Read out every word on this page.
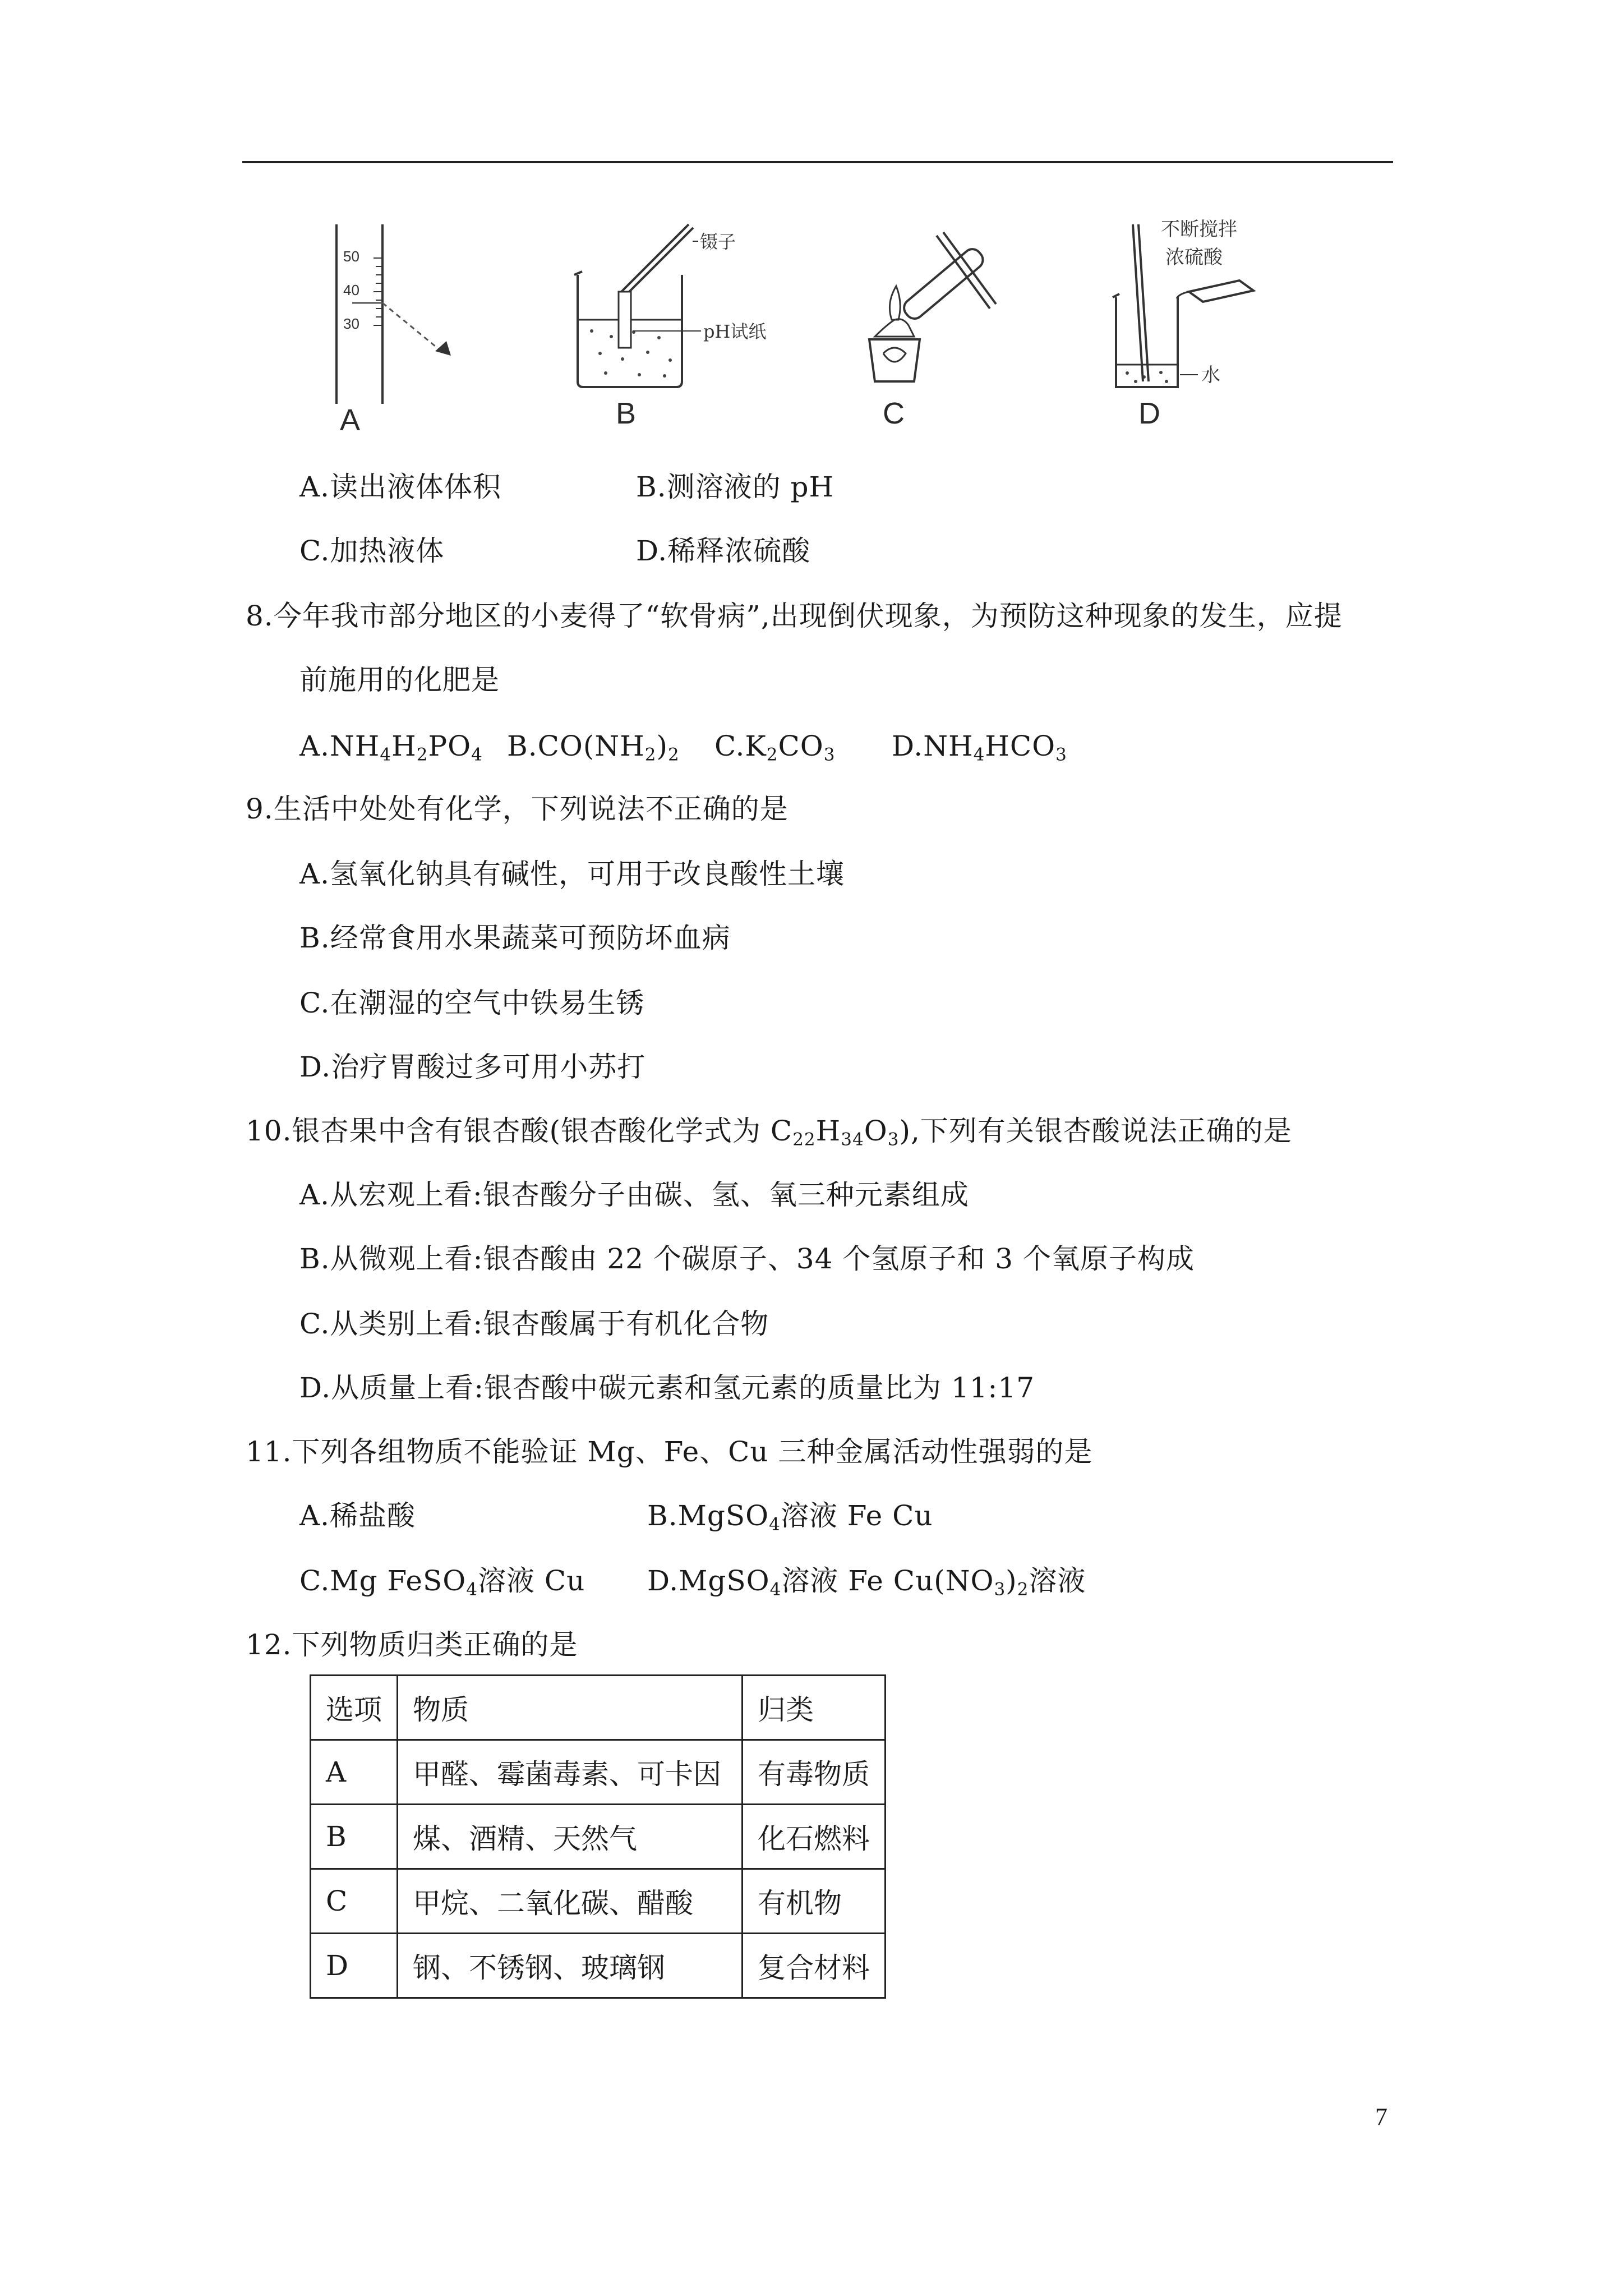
50
40
30
A
镊子
pH试纸
B	C
不断搅拌
浓硫酸
水
D
A.读出液体体积	B.测溶液的 pH
C.加热液体	D.稀释浓硫酸
8.今年我市部分地区的小麦得了“软骨病”,出现倒伏现象，为预防这种现象的发生，应提
前施用的化肥是
$A.NH_4H_2PO_4$ $B.CO(NH_2)_2$ $C.K_2CO_3$ $D.NH_4HCO_3$
9.生活中处处有化学，下列说法不正确的是
A.氢氧化钠具有碱性，可用于改良酸性土壤
B.经常食用水果蔬菜可预防坏血病
C.在潮湿的空气中铁易生锈
D.治疗胃酸过多可用小苏打
10.银杏果中含有银杏酸(银杏酸化学式为 $C_{22}H_{34}O_3$),下列有关银杏酸说法正确的是
A.从宏观上看:银杏酸分子由碳、氢、氧三种元素组成
B.从微观上看:银杏酸由 22 个碳原子、34 个氢原子和 3 个氧原子构成
C.从类别上看:银杏酸属于有机化合物
D.从质量上看:银杏酸中碳元素和氢元素的质量比为 11:17
11.下列各组物质不能验证 Mg、Fe、Cu 三种金属活动性强弱的是
A.稀盐酸	B.MgSO$_4$溶液 Fe Cu
C.Mg FeSO$_4$溶液 Cu D.MgSO$_4$溶液 Fe $Cu(NO_3)_2$溶液
12.下列物质归类正确的是
选项	物质	归类
A	甲醛、霉菌毒素、可卡因	有毒物质
B	煤、酒精、天然气	化石燃料
C	甲烷、二氧化碳、醋酸	有机物
D	钢、不锈钢、玻璃钢	复合材料
7
